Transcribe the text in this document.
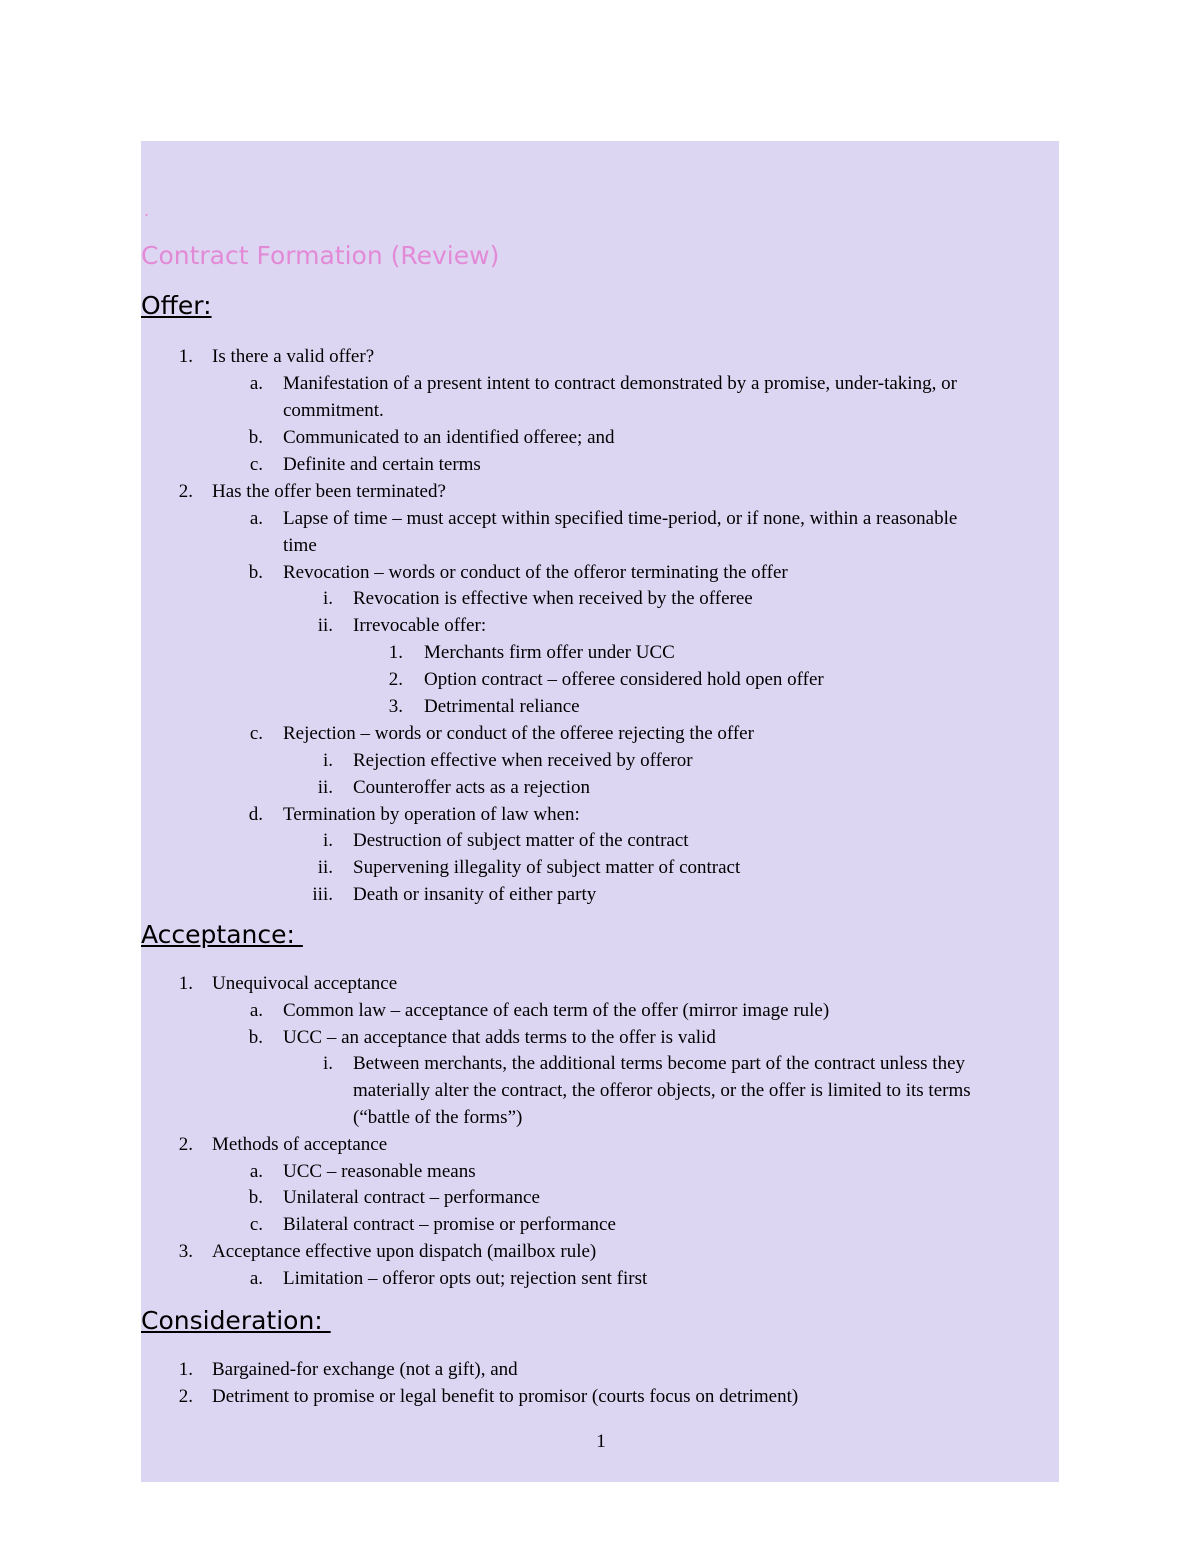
.
Contract Formation (Review)
Offer:
1. Is there a valid offer?
a. Manifestation of a present intent to contract demonstrated by a promise, under-taking, or
commitment.
b. Communicated to an identified offeree; and
c. Definite and certain terms
2. Has the offer been terminated?
a. Lapse of time – must accept within specified time-period, or if none, within a reasonable
time
b. Revocation – words or conduct of the offeror terminating the offer
i. Revocation is effective when received by the offeree
ii. Irrevocable offer:
1. Merchants firm offer under UCC
2. Option contract – offeree considered hold open offer
3. Detrimental reliance
c. Rejection – words or conduct of the offeree rejecting the offer
i. Rejection effective when received by offeror
ii. Counteroffer acts as a rejection
d. Termination by operation of law when:
i. Destruction of subject matter of the contract
ii. Supervening illegality of subject matter of contract
iii. Death or insanity of either party
Acceptance:
1. Unequivocal acceptance
a. Common law – acceptance of each term of the offer (mirror image rule)
b. UCC – an acceptance that adds terms to the offer is valid
i. Between merchants, the additional terms become part of the contract unless they
materially alter the contract, the offeror objects, or the offer is limited to its terms
(“battle of the forms”)
2. Methods of acceptance
a. UCC – reasonable means
b. Unilateral contract – performance
c. Bilateral contract – promise or performance
3. Acceptance effective upon dispatch (mailbox rule)
a. Limitation – offeror opts out; rejection sent first
Consideration:
1. Bargained-for exchange (not a gift), and
2. Detriment to promise or legal benefit to promisor (courts focus on detriment)
1
